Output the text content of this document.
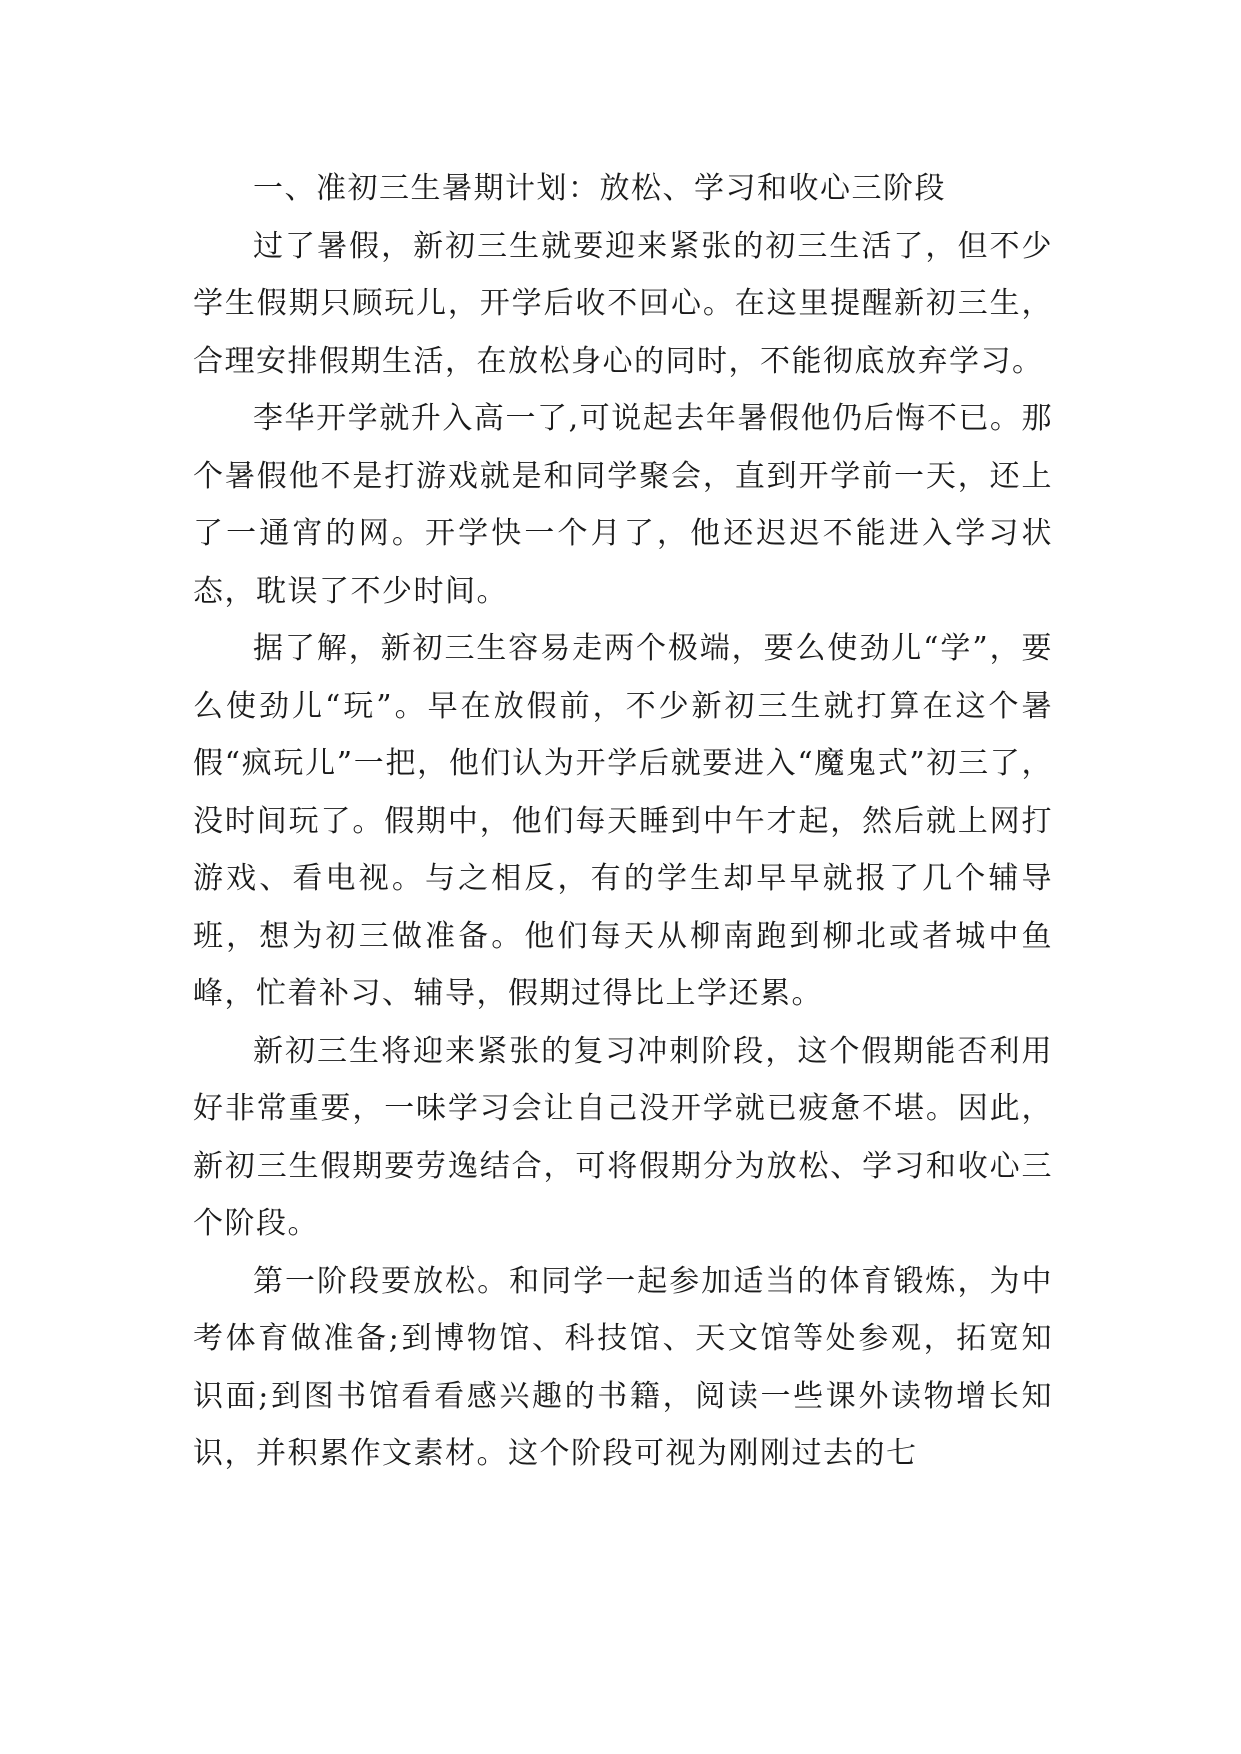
一、准初三生暑期计划：放松、学习和收心三阶段

过了暑假，新初三生就要迎来紧张的初三生活了，但不少学生假期只顾玩儿，开学后收不回心。在这里提醒新初三生，合理安排假期生活，在放松身心的同时，不能彻底放弃学习。

李华开学就升入高一了,可说起去年暑假他仍后悔不已。那个暑假他不是打游戏就是和同学聚会，直到开学前一天，还上了一通宵的网。开学快一个月了，他还迟迟不能进入学习状态，耽误了不少时间。

据了解，新初三生容易走两个极端，要么使劲儿“学”，要么使劲儿“玩”。早在放假前，不少新初三生就打算在这个暑假“疯玩儿”一把，他们认为开学后就要进入“魔鬼式”初三了，没时间玩了。假期中，他们每天睡到中午才起，然后就上网打游戏、看电视。与之相反，有的学生却早早就报了几个辅导班，想为初三做准备。他们每天从柳南跑到柳北或者城中鱼峰，忙着补习、辅导，假期过得比上学还累。

新初三生将迎来紧张的复习冲刺阶段，这个假期能否利用好非常重要，一味学习会让自己没开学就已疲惫不堪。因此，新初三生假期要劳逸结合，可将假期分为放松、学习和收心三个阶段。

第一阶段要放松。和同学一起参加适当的体育锻炼，为中考体育做准备;到博物馆、科技馆、天文馆等处参观，拓宽知识面;到图书馆看看感兴趣的书籍，阅读一些课外读物增长知识，并积累作文素材。这个阶段可视为刚刚过去的七
